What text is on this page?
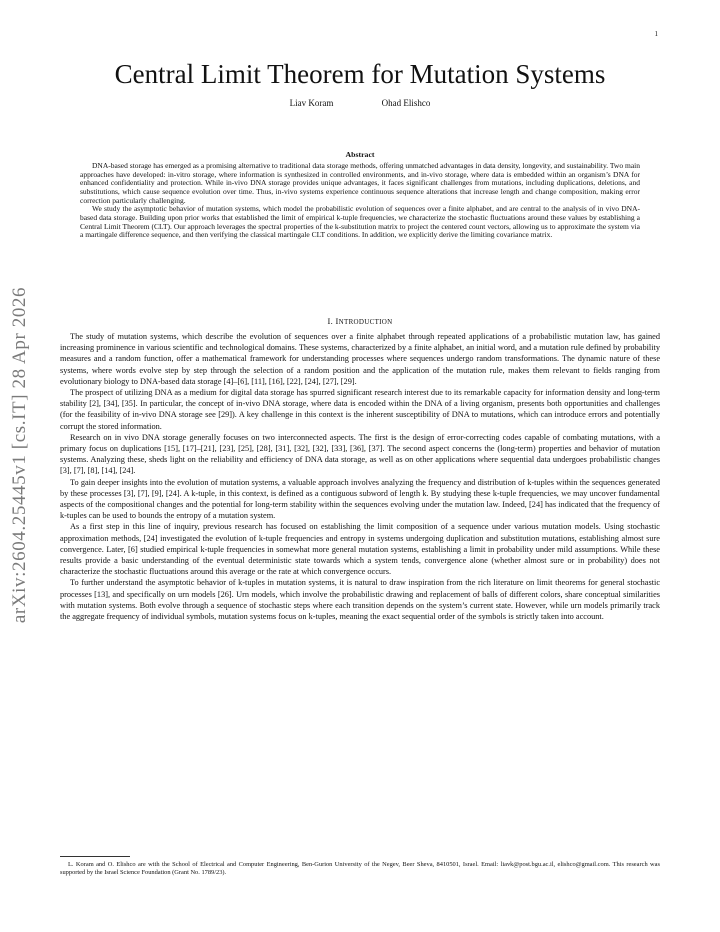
1
arXiv:2604.25445v1 [cs.IT] 28 Apr 2026
Central Limit Theorem for Mutation Systems
Liav Koram	Ohad Elishco
Abstract

DNA-based storage has emerged as a promising alternative to traditional data storage methods, offering unmatched advantages in data density, longevity, and sustainability. Two main approaches have developed: in-vitro storage, where information is synthesized in controlled environments, and in-vivo storage, where data is embedded within an organism’s DNA for enhanced confidentiality and protection. While in-vivo DNA storage provides unique advantages, it faces significant challenges from mutations, including duplications, deletions, and substitutions, which cause sequence evolution over time. Thus, in-vivo systems experience continuous sequence alterations that increase length and change composition, making error correction particularly challenging.

We study the asymptotic behavior of mutation systems, which model the probabilistic evolution of sequences over a finite alphabet, and are central to the analysis of in vivo DNA-based data storage. Building upon prior works that established the limit of empirical k-tuple frequencies, we characterize the stochastic fluctuations around these values by establishing a Central Limit Theorem (CLT). Our approach leverages the spectral properties of the k-substitution matrix to project the centered count vectors, allowing us to approximate the system via a martingale difference sequence, and then verifying the classical martingale CLT conditions. In addition, we explicitly derive the limiting covariance matrix.

I. INTRODUCTION

The study of mutation systems, which describe the evolution of sequences over a finite alphabet through repeated applications of a probabilistic mutation law, has gained increasing prominence in various scientific and technological domains. These systems, characterized by a finite alphabet, an initial word, and a mutation rule defined by probability measures and a random function, offer a mathematical framework for understanding processes where sequences undergo random transformations. The dynamic nature of these systems, where words evolve step by step through the selection of a random position and the application of the mutation rule, makes them relevant to fields ranging from evolutionary biology to DNA-based data storage [4]–[6], [11], [16], [22], [24], [27], [29].

The prospect of utilizing DNA as a medium for digital data storage has spurred significant research interest due to its remarkable capacity for information density and long-term stability [2], [34], [35]. In particular, the concept of in-vivo DNA storage, where data is encoded within the DNA of a living organism, presents both opportunities and challenges (for the feasibility of in-vivo DNA storage see [29]). A key challenge in this context is the inherent susceptibility of DNA to mutations, which can introduce errors and potentially corrupt the stored information.

Research on in vivo DNA storage generally focuses on two interconnected aspects. The first is the design of error-correcting codes capable of combating mutations, with a primary focus on duplications [15], [17]–[21], [23], [25], [28], [31], [32], [32], [33], [36], [37]. The second aspect concerns the (long-term) properties and behavior of mutation systems. Analyzing these, sheds light on the reliability and efficiency of DNA data storage, as well as on other applications where sequential data undergoes probabilistic changes [3], [7], [8], [14], [24].

To gain deeper insights into the evolution of mutation systems, a valuable approach involves analyzing the frequency and distribution of k-tuples within the sequences generated by these processes [3], [7], [9], [24]. A k-tuple, in this context, is defined as a contiguous subword of length k. By studying these k-tuple frequencies, we may uncover fundamental aspects of the compositional changes and the potential for long-term stability within the sequences evolving under the mutation law. Indeed, [24] has indicated that the frequency of k-tuples can be used to bounds the entropy of a mutation system.

As a first step in this line of inquiry, previous research has focused on establishing the limit composition of a sequence under various mutation models. Using stochastic approximation methods, [24] investigated the evolution of k-tuple frequencies and entropy in systems undergoing duplication and substitution mutations, establishing almost sure convergence. Later, [6] studied empirical k-tuple frequencies in somewhat more general mutation systems, establishing a limit in probability under mild assumptions. While these results provide a basic understanding of the eventual deterministic state towards which a system tends, convergence alone (whether almost sure or in probability) does not characterize the stochastic fluctuations around this average or the rate at which convergence occurs.

To further understand the asymptotic behavior of k-tuples in mutation systems, it is natural to draw inspiration from the rich literature on limit theorems for general stochastic processes [13], and specifically on urn models [26]. Urn models, which involve the probabilistic drawing and replacement of balls of different colors, share conceptual similarities with mutation systems. Both evolve through a sequence of stochastic steps where each transition depends on the system’s current state. However, while urn models primarily track the aggregate frequency of individual symbols, mutation systems focus on k-tuples, meaning the exact sequential order of the symbols is strictly taken into account.

L. Koram and O. Elishco are with the School of Electrical and Computer Engineering, Ben-Gurion University of the Negev, Beer Sheva, 8410501, Israel. Email: liavk@post.bgu.ac.il, elishco@gmail.com. This research was supported by the Israel Science Foundation (Grant No. 1789/23).
